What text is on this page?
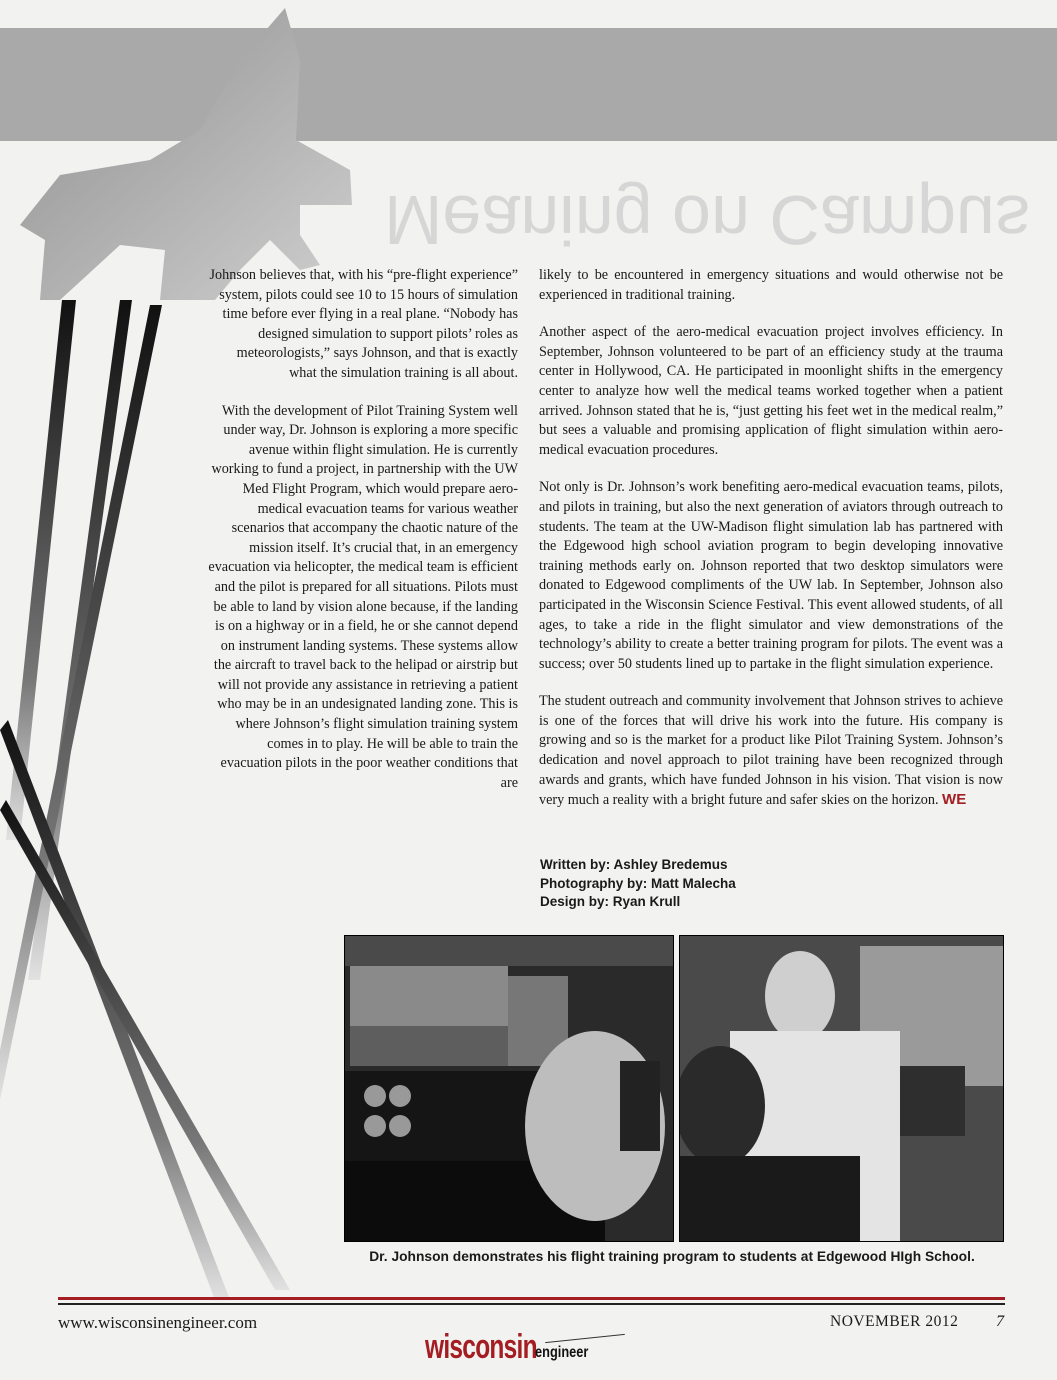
Meaning on Campus

Johnson believes that, with his “pre-flight experience” system, pilots could see 10 to 15 hours of simulation time before ever flying in a real plane. “Nobody has designed simulation to support pilots’ roles as meteorologists,” says Johnson, and that is exactly what the simulation training is all about.

With the development of Pilot Training System well under way, Dr. Johnson is exploring a more specific avenue within flight simulation. He is currently working to fund a project, in partnership with the UW Med Flight Program, which would prepare aero-medical evacuation teams for various weather scenarios that accompany the chaotic nature of the mission itself. It’s crucial that, in an emergency evacuation via helicopter, the medical team is efficient and the pilot is prepared for all situations. Pilots must be able to land by vision alone because, if the landing is on a highway or in a field, he or she cannot depend on instrument landing systems. These systems allow the aircraft to travel back to the helipad or airstrip but will not provide any assistance in retrieving a patient who may be in an undesignated landing zone. This is where Johnson’s flight simulation training system comes in to play. He will be able to train the evacuation pilots in the poor weather conditions that are

likely to be encountered in emergency situations and would otherwise not be experienced in traditional training.

Another aspect of the aero-medical evacuation project involves efficiency. In September, Johnson volunteered to be part of an efficiency study at the trauma center in Hollywood, CA. He participated in moonlight shifts in the emergency center to analyze how well the medical teams worked together when a patient arrived. Johnson stated that he is, “just getting his feet wet in the medical realm,” but sees a valuable and promising application of flight simulation within aero-medical evacuation procedures.

Not only is Dr. Johnson’s work benefiting aero-medical evacuation teams, pilots, and pilots in training, but also the next generation of aviators through outreach to students. The team at the UW-Madison flight simulation lab has partnered with the Edgewood high school aviation program to begin developing innovative training methods early on. Johnson reported that two desktop simulators were donated to Edgewood compliments of the UW lab. In September, Johnson also participated in the Wisconsin Science Festival. This event allowed students, of all ages, to take a ride in the flight simulator and view demonstrations of the technology’s ability to create a better training program for pilots. The event was a success; over 50 students lined up to partake in the flight simulation experience.

The student outreach and community involvement that Johnson strives to achieve is one of the forces that will drive his work into the future. His company is growing and so is the market for a product like Pilot Training System. Johnson’s dedication and novel approach to pilot training have been recognized through awards and grants, which have funded Johnson in his vision. That vision is now very much a reality with a bright future and safer skies on the horizon. WE

Written by: Ashley Bredemus
Photography by: Matt Malecha
Design by: Ryan Krull
Dr. Johnson demonstrates his flight training program to students at Edgewood HIgh School.
www.wisconsinengineer.com	NOVEMBER 2012 7
wisconsin
engineer
